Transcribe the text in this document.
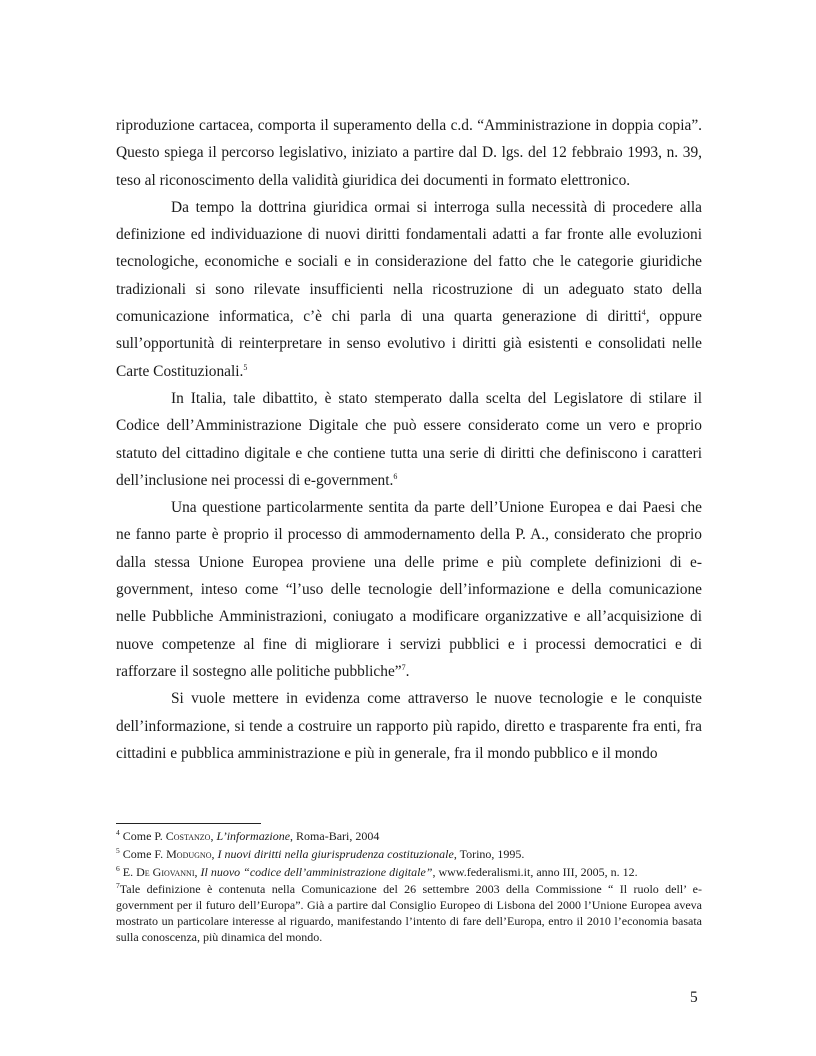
riproduzione cartacea, comporta il superamento della c.d. “Amministrazione in doppia copia”. Questo spiega il percorso legislativo, iniziato a partire dal D. lgs. del 12 febbraio 1993, n. 39, teso al riconoscimento della validità giuridica dei documenti in formato elettronico.

Da tempo la dottrina giuridica ormai si interroga sulla necessità di procedere alla definizione ed individuazione di nuovi diritti fondamentali adatti a far fronte alle evoluzioni tecnologiche, economiche e sociali e in considerazione del fatto che le categorie giuridiche tradizionali si sono rilevate insufficienti nella ricostruzione di un adeguato stato della comunicazione informatica, c’è chi parla di una quarta generazione di diritti$^4$, oppure sull’opportunità di reinterpretare in senso evolutivo i diritti già esistenti e consolidati nelle Carte Costituzionali.$^5$

In Italia, tale dibattito, è stato stemperato dalla scelta del Legislatore di stilare il Codice dell’Amministrazione Digitale che può essere considerato come un vero e proprio statuto del cittadino digitale e che contiene tutta una serie di diritti che definiscono i caratteri dell’inclusione nei processi di e-government.$^6$

Una questione particolarmente sentita da parte dell’Unione Europea e dai Paesi che ne fanno parte è proprio il processo di ammodernamento della P. A., considerato che proprio dalla stessa Unione Europea proviene una delle prime e più complete definizioni di e-government, inteso come “l’uso delle tecnologie dell’informazione e della comunicazione nelle Pubbliche Amministrazioni, coniugato a modificare organizzative e all’acquisizione di nuove competenze al fine di migliorare i servizi pubblici e i processi democratici e di rafforzare il sostegno alle politiche pubbliche”$^7$.

Si vuole mettere in evidenza come attraverso le nuove tecnologie e le conquiste dell’informazione, si tende a costruire un rapporto più rapido, diretto e trasparente fra enti, fra cittadini e pubblica amministrazione e più in generale, fra il mondo pubblico e il mondo

$^4$ Come P. Costanzo, L’informazione, Roma-Bari, 2004

$^5$ Come F. Modugno, I nuovi diritti nella giurisprudenza costituzionale, Torino, 1995.

$^6$ E. De Giovanni, Il nuovo “codice dell’amministrazione digitale”, www.federalismi.it, anno III, 2005, n. 12.

$^7$Tale definizione è contenuta nella Comunicazione del 26 settembre 2003 della Commissione “ Il ruolo dell’ e-government per il futuro dell’Europa”. Già a partire dal Consiglio Europeo di Lisbona del 2000 l’Unione Europea aveva mostrato un particolare interesse al riguardo, manifestando l’intento di fare dell’Europa, entro il 2010 l’economia basata sulla conoscenza, più dinamica del mondo.

5
